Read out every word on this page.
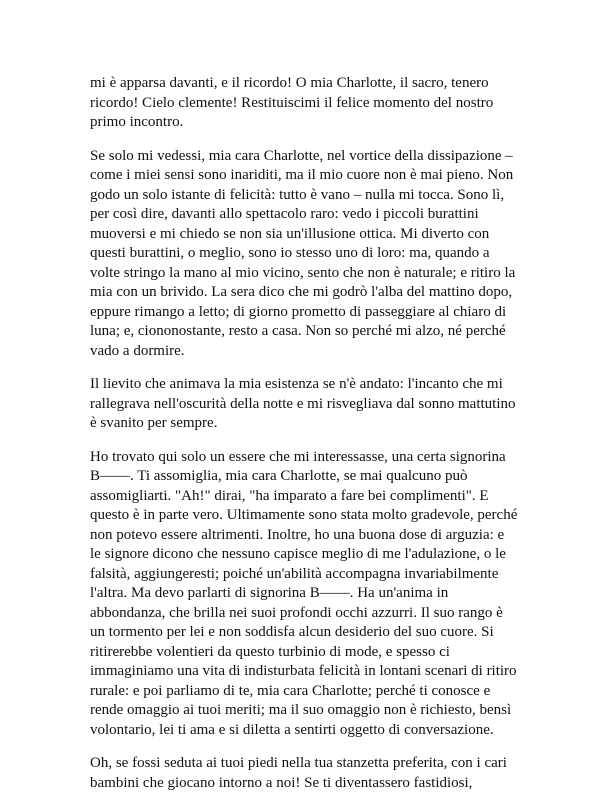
mi è apparsa davanti, e il ricordo! O mia Charlotte, il sacro, tenero
ricordo! Cielo clemente! Restituiscimi il felice momento del nostro
primo incontro.

Se solo mi vedessi, mia cara Charlotte, nel vortice della dissipazione –
come i miei sensi sono inariditi, ma il mio cuore non è mai pieno. Non
godo un solo istante di felicità: tutto è vano – nulla mi tocca. Sono lì,
per così dire, davanti allo spettacolo raro: vedo i piccoli burattini
muoversi e mi chiedo se non sia un'illusione ottica. Mi diverto con
questi burattini, o meglio, sono io stesso uno di loro: ma, quando a
volte stringo la mano al mio vicino, sento che non è naturale; e ritiro la
mia con un brivido. La sera dico che mi godrò l'alba del mattino dopo,
eppure rimango a letto; di giorno prometto di passeggiare al chiaro di
luna; e, ciononostante, resto a casa. Non so perché mi alzo, né perché
vado a dormire.

Il lievito che animava la mia esistenza se n'è andato: l'incanto che mi
rallegrava nell'oscurità della notte e mi risvegliava dal sonno mattutino
è svanito per sempre.

Ho trovato qui solo un essere che mi interessasse, una certa signorina
B——. Ti assomiglia, mia cara Charlotte, se mai qualcuno può
assomigliarti. "Ah!" dirai, "ha imparato a fare bei complimenti". E
questo è in parte vero. Ultimamente sono stata molto gradevole, perché
non potevo essere altrimenti. Inoltre, ho una buona dose di arguzia: e
le signore dicono che nessuno capisce meglio di me l'adulazione, o le
falsità, aggiungeresti; poiché un'abilità accompagna invariabilmente
l'altra. Ma devo parlarti di signorina B——. Ha un'anima in
abbondanza, che brilla nei suoi profondi occhi azzurri. Il suo rango è
un tormento per lei e non soddisfa alcun desiderio del suo cuore. Si
ritirerebbe volentieri da questo turbinio di mode, e spesso ci
immaginiamo una vita di indisturbata felicità in lontani scenari di ritiro
rurale: e poi parliamo di te, mia cara Charlotte; perché ti conosce e
rende omaggio ai tuoi meriti; ma il suo omaggio non è richiesto, bensì
volontario, lei ti ama e si diletta a sentirti oggetto di conversazione.

Oh, se fossi seduta ai tuoi piedi nella tua stanzetta preferita, con i cari
bambini che giocano intorno a noi! Se ti diventassero fastidiosi,
